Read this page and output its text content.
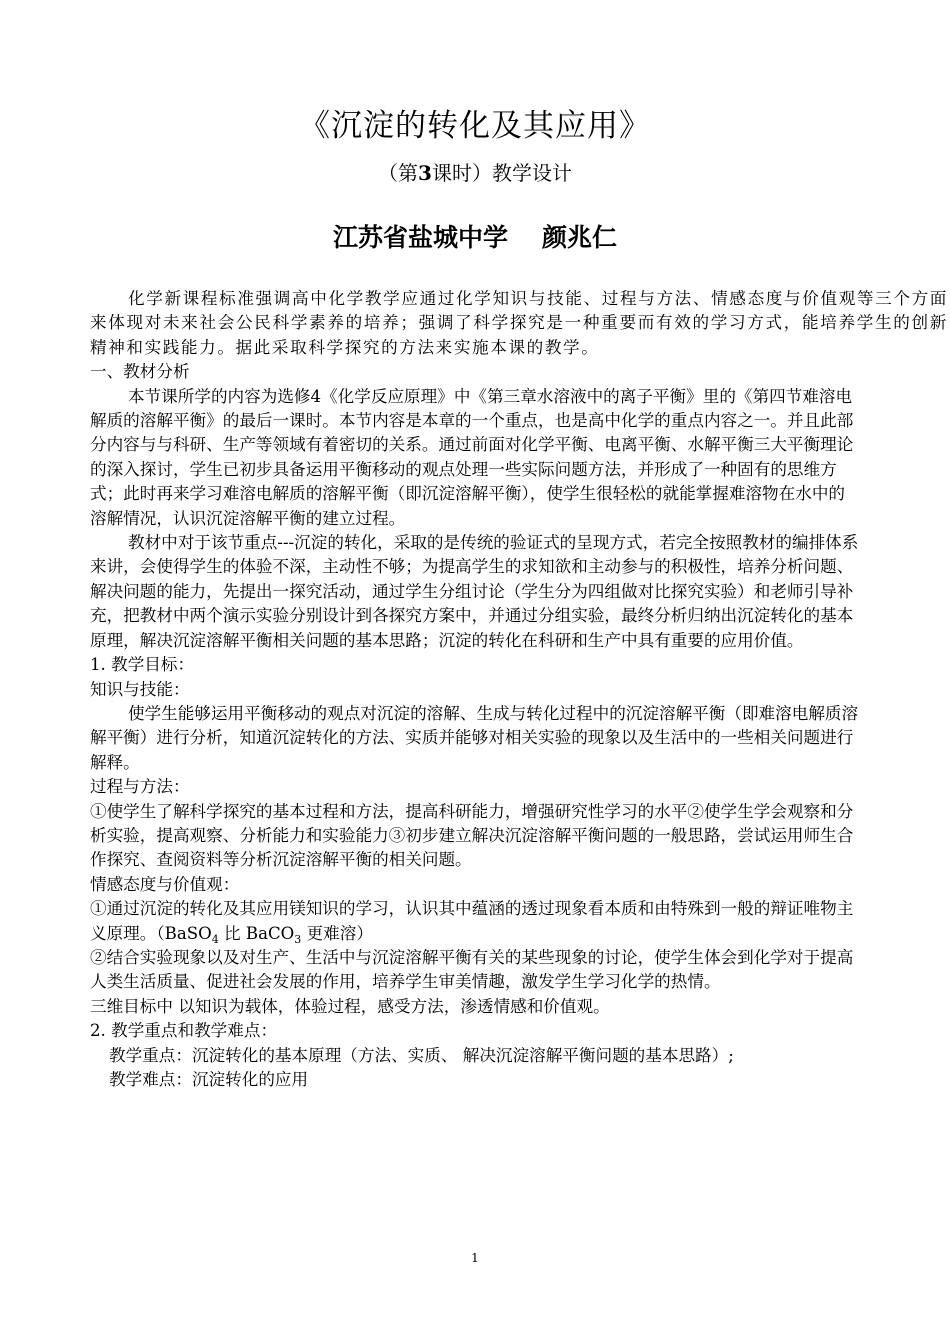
《沉淀的转化及其应用》
（第3课时）教学设计
江苏省盐城中学 颜兆仁

化学新课程标准强调高中化学教学应通过化学知识与技能、过程与方法、情感态度与价值观等三个方面来体现对未来社会公民科学素养的培养；强调了科学探究是一种重要而有效的学习方式，能培养学生的创新精神和实践能力。据此采取科学探究的方法来实施本课的教学。

一、教材分析

本节课所学的内容为选修4《化学反应原理》中《第三章水溶液中的离子平衡》里的《第四节难溶电解质的溶解平衡》的最后一课时。本节内容是本章的一个重点，也是高中化学的重点内容之一。并且此部分内容与与科研、生产等领域有着密切的关系。通过前面对化学平衡、电离平衡、水解平衡三大平衡理论的深入探讨，学生已初步具备运用平衡移动的观点处理一些实际问题方法，并形成了一种固有的思维方式；此时再来学习难溶电解质的溶解平衡（即沉淀溶解平衡），使学生很轻松的就能掌握难溶物在水中的溶解情况，认识沉淀溶解平衡的建立过程。

教材中对于该节重点---沉淀的转化，采取的是传统的验证式的呈现方式，若完全按照教材的编排体系来讲，会使得学生的体验不深，主动性不够；为提高学生的求知欲和主动参与的积极性，培养分析问题、解决问题的能力，先提出一探究活动，通过学生分组讨论（学生分为四组做对比探究实验）和老师引导补充，把教材中两个演示实验分别设计到各探究方案中，并通过分组实验，最终分析归纳出沉淀转化的基本原理，解决沉淀溶解平衡相关问题的基本思路；沉淀的转化在科研和生产中具有重要的应用价值。

1. 教学目标：

知识与技能：

使学生能够运用平衡移动的观点对沉淀的溶解、生成与转化过程中的沉淀溶解平衡（即难溶电解质溶解平衡）进行分析，知道沉淀转化的方法、实质并能够对相关实验的现象以及生活中的一些相关问题进行解释。

过程与方法：

①使学生了解科学探究的基本过程和方法，提高科研能力，增强研究性学习的水平②使学生学会观察和分析实验，提高观察、分析能力和实验能力③初步建立解决沉淀溶解平衡问题的一般思路，尝试运用师生合作探究、查阅资料等分析沉淀溶解平衡的相关问题。

情感态度与价值观：

①通过沉淀的转化及其应用镁知识的学习，认识其中蕴涵的透过现象看本质和由特殊到一般的辩证唯物主义原理。（BaSO$_4$ 比 BaCO$_3$ 更难溶）

②结合实验现象以及对生产、生活中与沉淀溶解平衡有关的某些现象的讨论，使学生体会到化学对于提高人类生活质量、促进社会发展的作用，培养学生审美情趣，激发学生学习化学的热情。

三维目标中 以知识为载体，体验过程，感受方法，渗透情感和价值观。

2. 教学重点和教学难点：

教学重点：沉淀转化的基本原理（方法、实质、 解决沉淀溶解平衡问题的基本思路）;

教学难点：沉淀转化的应用

1
